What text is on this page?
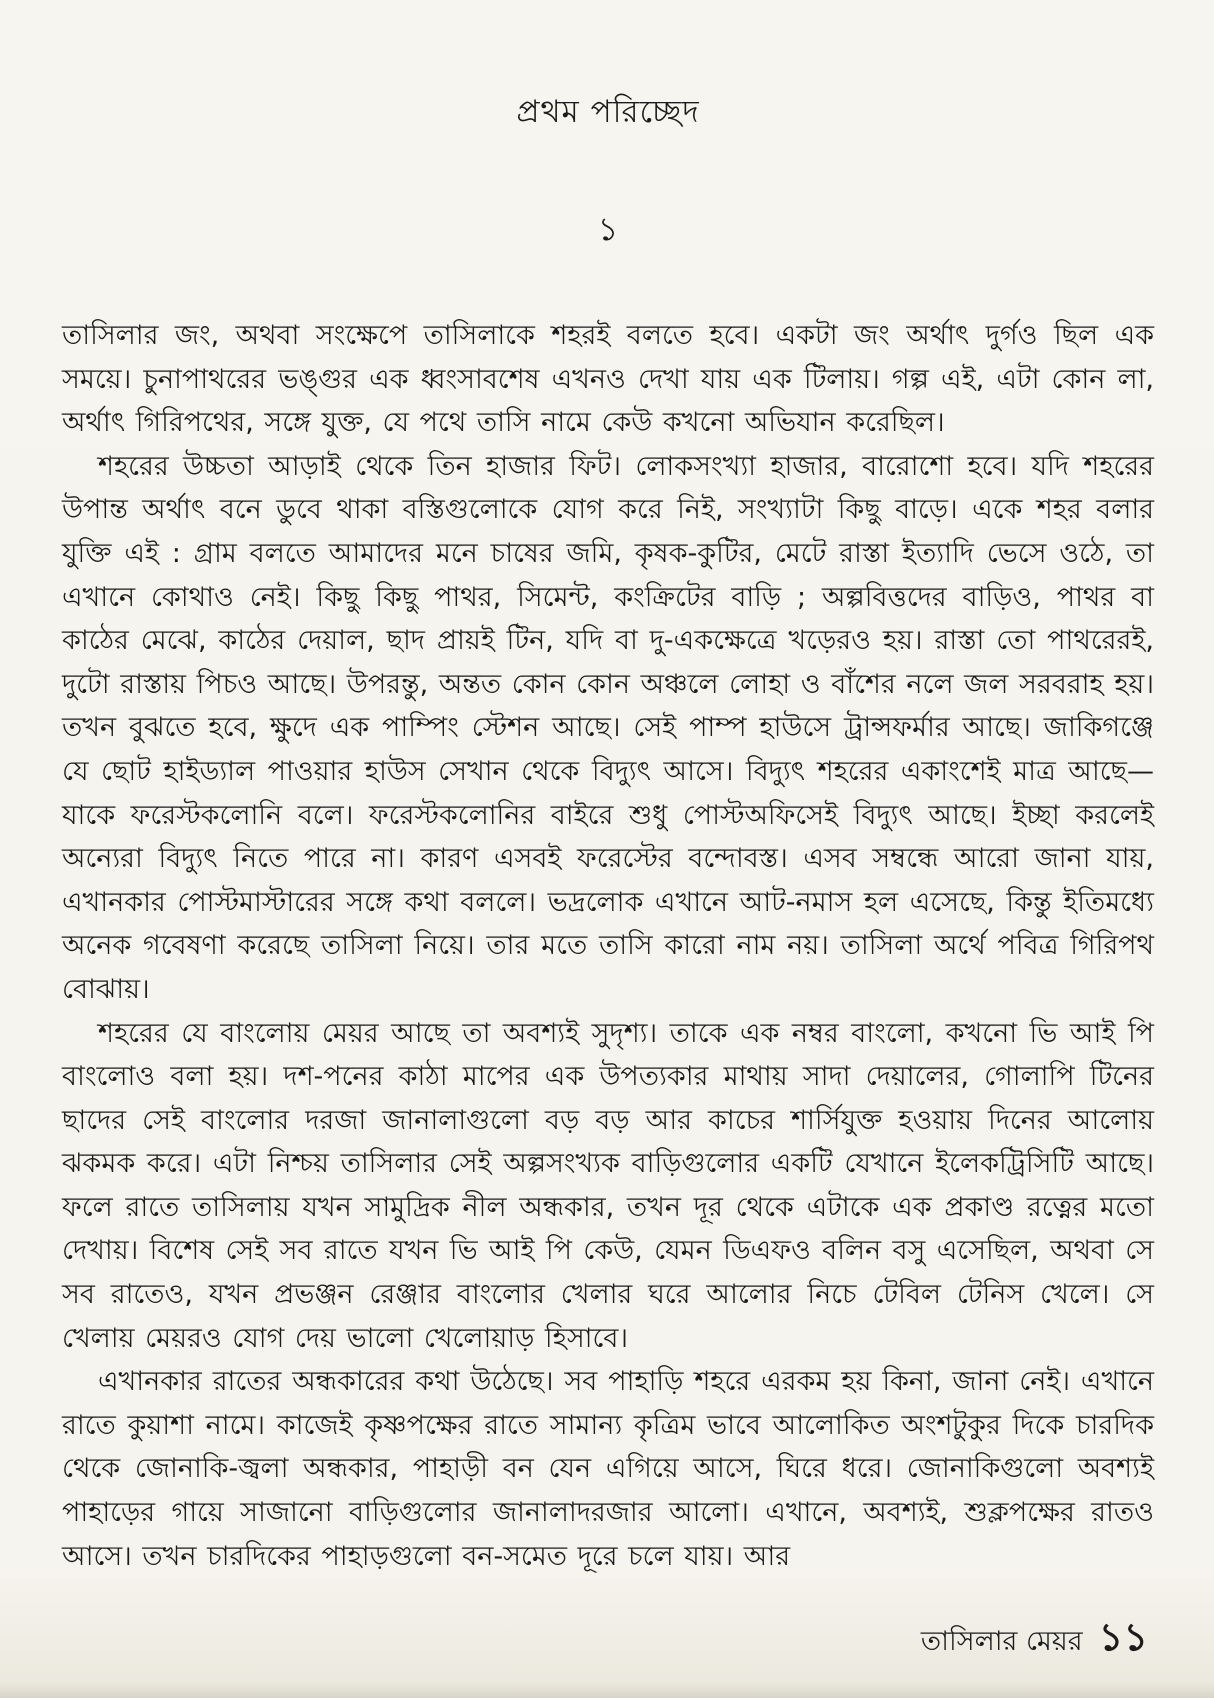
প্রথম পরিচ্ছেদ
১

তাসিলার জং, অথবা সংক্ষেপে তাসিলাকে শহরই বলতে হবে। একটা জং অর্থাৎ দুর্গও ছিল এক সময়ে। চুনাপাথরের ভঙ্গুর এক ধ্বংসাবশেষ এখনও দেখা যায় এক টিলায়। গল্প এই, এটা কোন লা, অর্থাৎ গিরিপথের, সঙ্গে যুক্ত, যে পথে তাসি নামে কেউ কখনো অভিযান করেছিল।

শহরের উচ্চতা আড়াই থেকে তিন হাজার ফিট। লোকসংখ্যা হাজার, বারোশো হবে। যদি শহরের উপান্ত অর্থাৎ বনে ডুবে থাকা বস্তিগুলোকে যোগ করে নিই, সংখ্যাটা কিছু বাড়ে। একে শহর বলার যুক্তি এই : গ্রাম বলতে আমাদের মনে চাষের জমি, কৃষক-কুটির, মেটে রাস্তা ইত্যাদি ভেসে ওঠে, তা এখানে কোথাও নেই। কিছু কিছু পাথর, সিমেন্ট, কংক্রিটের বাড়ি ; অল্পবিত্তদের বাড়িও, পাথর বা কাঠের মেঝে, কাঠের দেয়াল, ছাদ প্রায়ই টিন, যদি বা দু-একক্ষেত্রে খড়েরও হয়। রাস্তা তো পাথরেরই, দুটো রাস্তায় পিচও আছে। উপরন্তু, অন্তত কোন কোন অঞ্চলে লোহা ও বাঁশের নলে জল সরবরাহ হয়। তখন বুঝতে হবে, ক্ষুদে এক পাম্পিং স্টেশন আছে। সেই পাম্প হাউসে ট্রান্সফর্মার আছে। জাকিগঞ্জে যে ছোট হাইড্যাল পাওয়ার হাউস সেখান থেকে বিদ্যুৎ আসে। বিদ্যুৎ শহরের একাংশেই মাত্র আছে—যাকে ফরেস্টকলোনি বলে। ফরেস্টকলোনির বাইরে শুধু পোস্টঅফিসেই বিদ্যুৎ আছে। ইচ্ছা করলেই অন্যেরা বিদ্যুৎ নিতে পারে না। কারণ এসবই ফরেস্টের বন্দোবস্ত। এসব সম্বন্ধে আরো জানা যায়, এখানকার পোস্টমাস্টারের সঙ্গে কথা বললে। ভদ্রলোক এখানে আট-নমাস হল এসেছে, কিন্তু ইতিমধ্যে অনেক গবেষণা করেছে তাসিলা নিয়ে। তার মতে তাসি কারো নাম নয়। তাসিলা অর্থে পবিত্র গিরিপথ বোঝায়।

শহরের যে বাংলোয় মেয়র আছে তা অবশ্যই সুদৃশ্য। তাকে এক নম্বর বাংলো, কখনো ভি আই পি বাংলোও বলা হয়। দশ-পনের কাঠা মাপের এক উপত্যকার মাথায় সাদা দেয়ালের, গোলাপি টিনের ছাদের সেই বাংলোর দরজা জানালাগুলো বড় বড় আর কাচের শার্সিযুক্ত হওয়ায় দিনের আলোয় ঝকমক করে। এটা নিশ্চয় তাসিলার সেই অল্পসংখ্যক বাড়িগুলোর একটি যেখানে ইলেকট্রিসিটি আছে। ফলে রাতে তাসিলায় যখন সামুদ্রিক নীল অন্ধকার, তখন দূর থেকে এটাকে এক প্রকাণ্ড রত্নের মতো দেখায়। বিশেষ সেই সব রাতে যখন ভি আই পি কেউ, যেমন ডিএফও বলিন বসু এসেছিল, অথবা সে সব রাতেও, যখন প্রভঞ্জন রেঞ্জার বাংলোর খেলার ঘরে আলোর নিচে টেবিল টেনিস খেলে। সে খেলায় মেয়রও যোগ দেয় ভালো খেলোয়াড় হিসাবে।

এখানকার রাতের অন্ধকারের কথা উঠেছে। সব পাহাড়ি শহরে এরকম হয় কিনা, জানা নেই। এখানে রাতে কুয়াশা নামে। কাজেই কৃষ্ণপক্ষের রাতে সামান্য কৃত্রিম ভাবে আলোকিত অংশটুকুর দিকে চারদিক থেকে জোনাকি-জ্বলা অন্ধকার, পাহাড়ী বন যেন এগিয়ে আসে, ঘিরে ধরে। জোনাকিগুলো অবশ্যই পাহাড়ের গায়ে সাজানো বাড়িগুলোর জানালাদরজার আলো। এখানে, অবশ্যই, শুক্লপক্ষের রাতও আসে। তখন চারদিকের পাহাড়গুলো বন-সমেত দূরে চলে যায়। আর

তাসিলার মেয়র ১১
